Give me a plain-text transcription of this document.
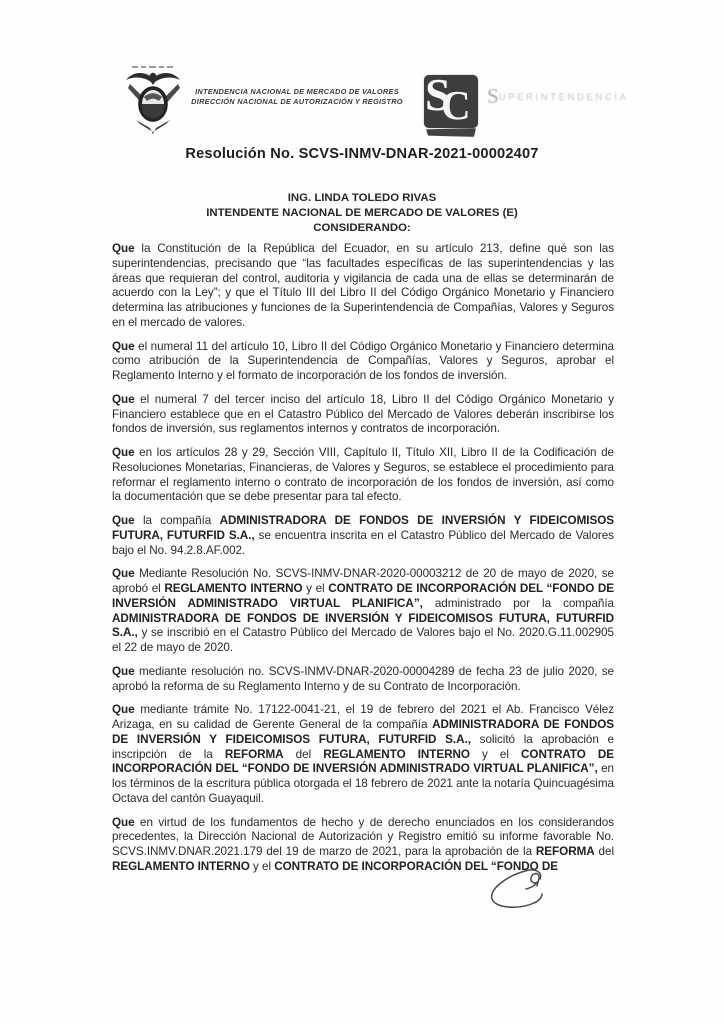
INTENDENCIA NACIONAL DE MERCADO DE VALORES
DIRECCIÓN NACIONAL DE AUTORIZACIÓN Y REGISTRO S
C SUPERINTENDENCIA
Resolución No. SCVS-INMV-DNAR-2021-00002407
ING. LINDA TOLEDO RIVAS
INTENDENTE NACIONAL DE MERCADO DE VALORES (E)
CONSIDERANDO:

Que la Constitución de la República del Ecuador, en su artículo 213, define qué son las superintendencias, precisando que “las facultades específicas de las superintendencias y las áreas que requieran del control, auditoria y vigilancia de cada una de ellas se determinarán de acuerdo con la Ley”; y que el Título III del Libro II del Código Orgánico Monetario y Financiero determina las atribuciones y funciones de la Superintendencia de Compañías, Valores y Seguros en el mercado de valores.

Que el numeral 11 del artículo 10, Libro II del Código Orgánico Monetario y Financiero determina como atribución de la Superintendencia de Compañías, Valores y Seguros, aprobar el Reglamento Interno y el formato de incorporación de los fondos de inversión.

Que el numeral 7 del tercer inciso del artículo 18, Libro II del Código Orgánico Monetario y Financiero establece que en el Catastro Público del Mercado de Valores deberán inscribirse los fondos de inversión, sus reglamentos internos y contratos de incorporación.

Que en los artículos 28 y 29, Sección VIII, Capítulo II, Título XII, Libro II de la Codificación de Resoluciones Monetarias, Financieras, de Valores y Seguros, se establece el procedimiento para reformar el reglamento interno o contrato de incorporación de los fondos de inversión, así como la documentación que se debe presentar para tal efecto.

Que la compañía ADMINISTRADORA DE FONDOS DE INVERSIÓN Y FIDEICOMISOS FUTURA, FUTURFID S.A., se encuentra inscrita en el Catastro Público del Mercado de Valores bajo el No. 94.2.8.AF.002.

Que Mediante Resolución No. SCVS-INMV-DNAR-2020-00003212 de 20 de mayo de 2020, se aprobó el REGLAMENTO INTERNO y el CONTRATO DE INCORPORACIÓN DEL “FONDO DE INVERSIÓN ADMINISTRADO VIRTUAL PLANIFICA”, administrado por la compañía ADMINISTRADORA DE FONDOS DE INVERSIÓN Y FIDEICOMISOS FUTURA, FUTURFID S.A., y se inscribió en el Catastro Público del Mercado de Valores bajo el No. 2020.G.11.002905 el 22 de mayo de 2020.

Que mediante resolución no. SCVS-INMV-DNAR-2020-00004289 de fecha 23 de julio 2020, se aprobó la reforma de su Reglamento Interno y de su Contrato de Incorporación.

Que mediante trámite No. 17122-0041-21, el 19 de febrero del 2021 el Ab. Francisco Vélez Arizaga, en su calidad de Gerente General de la compañía ADMINISTRADORA DE FONDOS DE INVERSIÓN Y FIDEICOMISOS FUTURA, FUTURFID S.A., solicitó la aprobación e inscripción de la REFORMA del REGLAMENTO INTERNO y el CONTRATO DE INCORPORACIÓN DEL “FONDO DE INVERSIÓN ADMINISTRADO VIRTUAL PLANIFICA”, en los términos de la escritura pública otorgada el 18 febrero de 2021 ante la notaría Quincuagésima Octava del cantón Guayaquil.

Que en virtud de los fundamentos de hecho y de derecho enunciados en los considerandos precedentes, la Dirección Nacional de Autorización y Registro emitió su informe favorable No. SCVS.INMV.DNAR.2021.179 del 19 de marzo de 2021, para la aprobación de la REFORMA del REGLAMENTO INTERNO y el CONTRATO DE INCORPORACIÓN DEL “FONDO DE
